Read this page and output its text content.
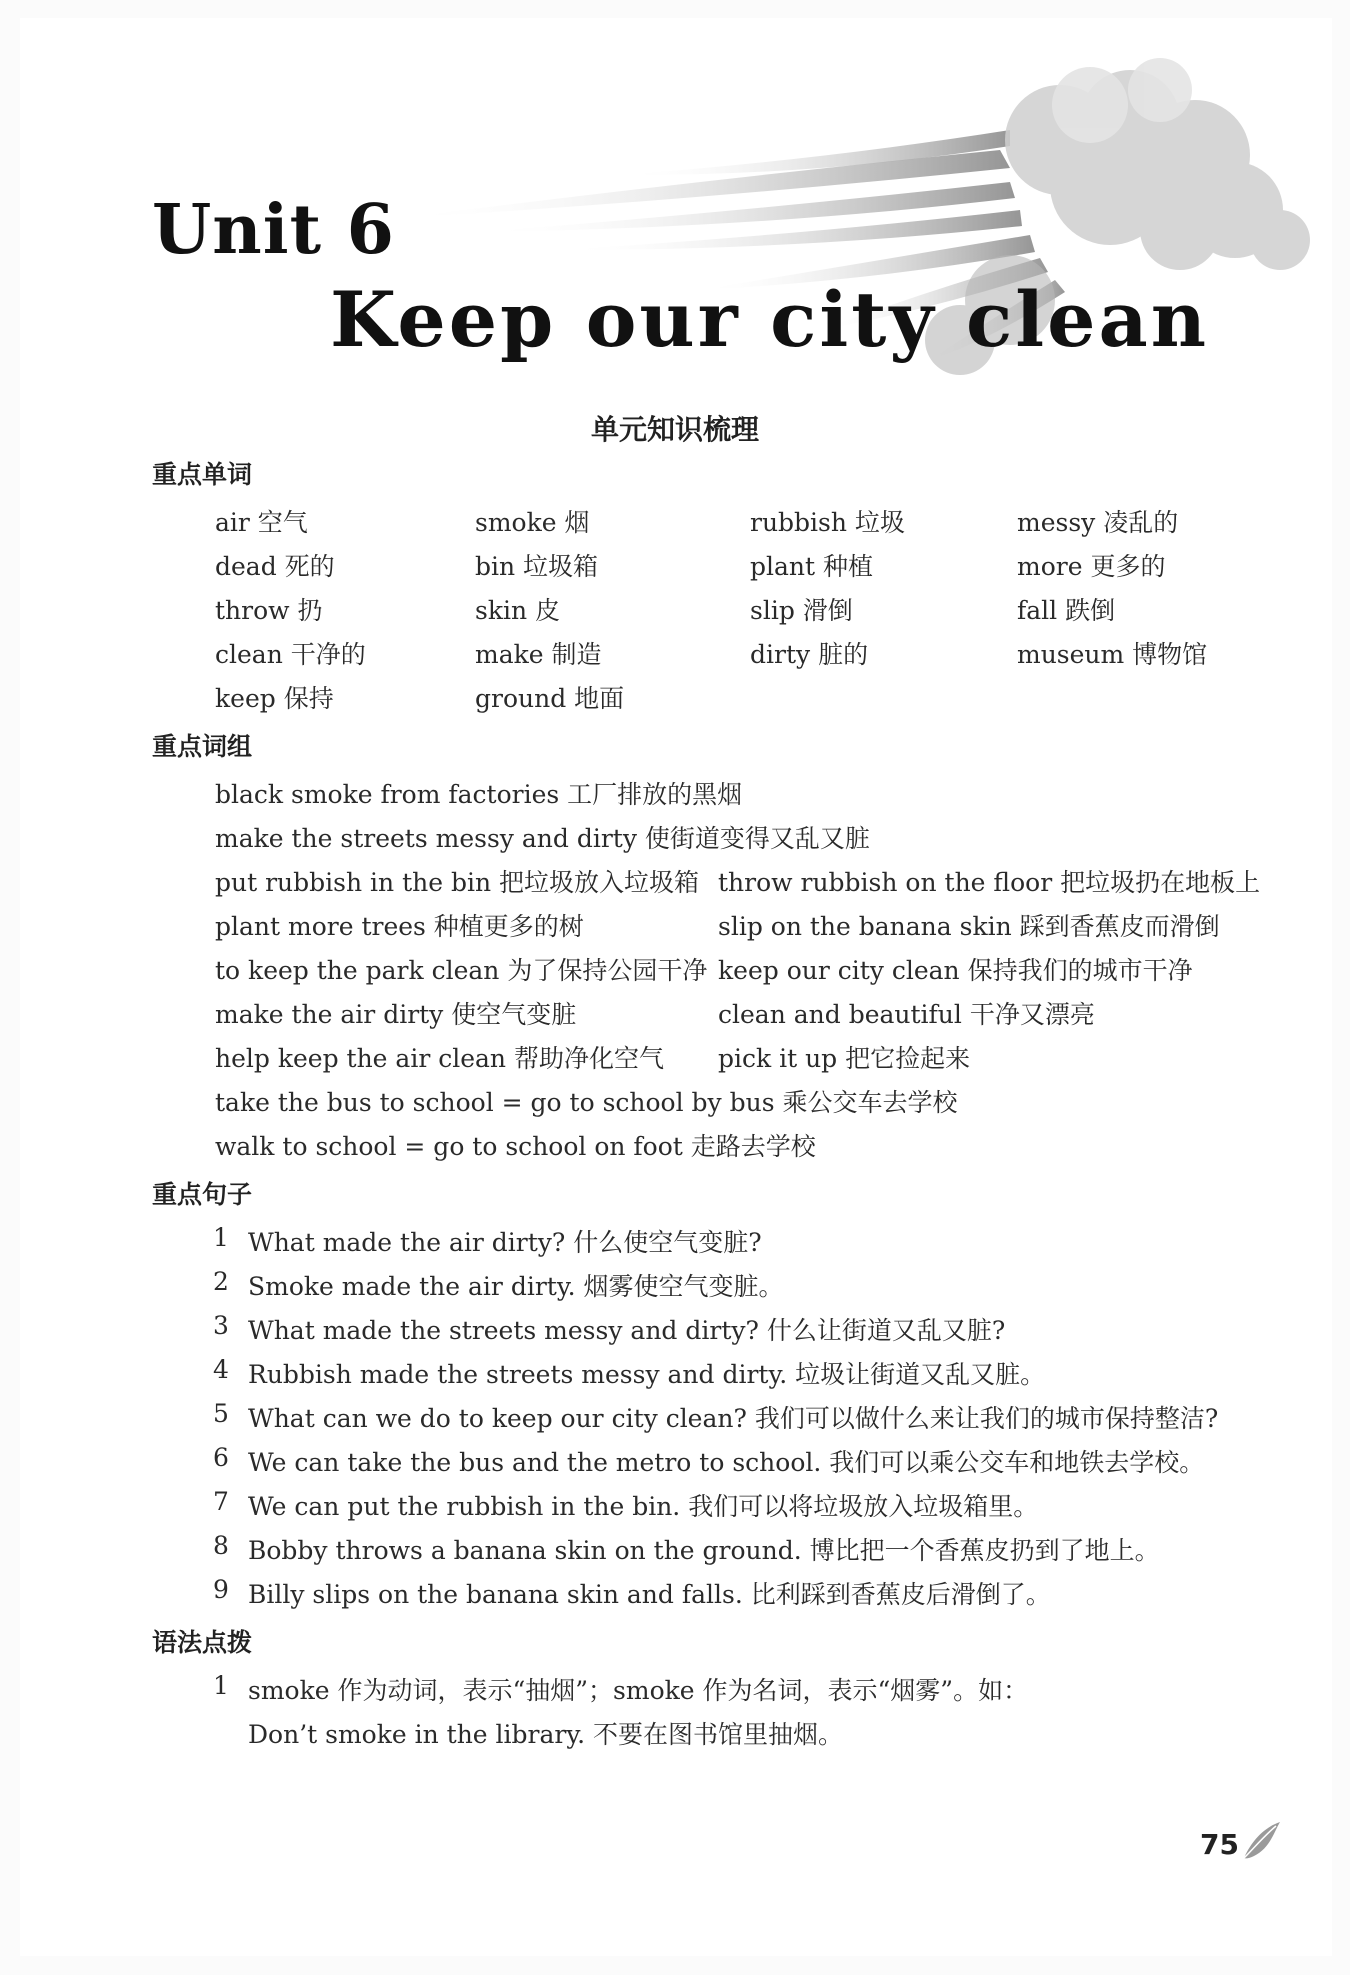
Unit 6
Keep our city clean
单元知识梳理
重点单词
air 空气
dead 死的
throw 扔
clean 干净的
keep 保持
smoke 烟
bin 垃圾箱
skin 皮
make 制造
ground 地面
rubbish 垃圾
plant 种植
slip 滑倒
dirty 脏的
messy 凌乱的
more 更多的
fall 跌倒
museum 博物馆
重点词组
black smoke from factories 工厂排放的黑烟
make the streets messy and dirty 使街道变得又乱又脏
put rubbish in the bin 把垃圾放入垃圾箱
plant more trees 种植更多的树
to keep the park clean 为了保持公园干净
make the air dirty 使空气变脏
help keep the air clean 帮助净化空气
throw rubbish on the floor 把垃圾扔在地板上
slip on the banana skin 踩到香蕉皮而滑倒
keep our city clean 保持我们的城市干净
clean and beautiful 干净又漂亮
pick it up 把它捡起来
take the bus to school = go to school by bus 乘公交车去学校
walk to school = go to school on foot 走路去学校
重点句子
1 What made the air dirty? 什么使空气变脏?
2 Smoke made the air dirty. 烟雾使空气变脏。
3 What made the streets messy and dirty? 什么让街道又乱又脏?
4 Rubbish made the streets messy and dirty. 垃圾让街道又乱又脏。
5 What can we do to keep our city clean? 我们可以做什么来让我们的城市保持整洁?
6 We can take the bus and the metro to school. 我们可以乘公交车和地铁去学校。
7 We can put the rubbish in the bin. 我们可以将垃圾放入垃圾箱里。
8 Bobby throws a banana skin on the ground. 博比把一个香蕉皮扔到了地上。
9 Billy slips on the banana skin and falls. 比利踩到香蕉皮后滑倒了。
语法点拨
1 smoke 作为动词，表示“抽烟”；smoke 作为名词，表示“烟雾”。如：
Don’t smoke in the library. 不要在图书馆里抽烟。
75
